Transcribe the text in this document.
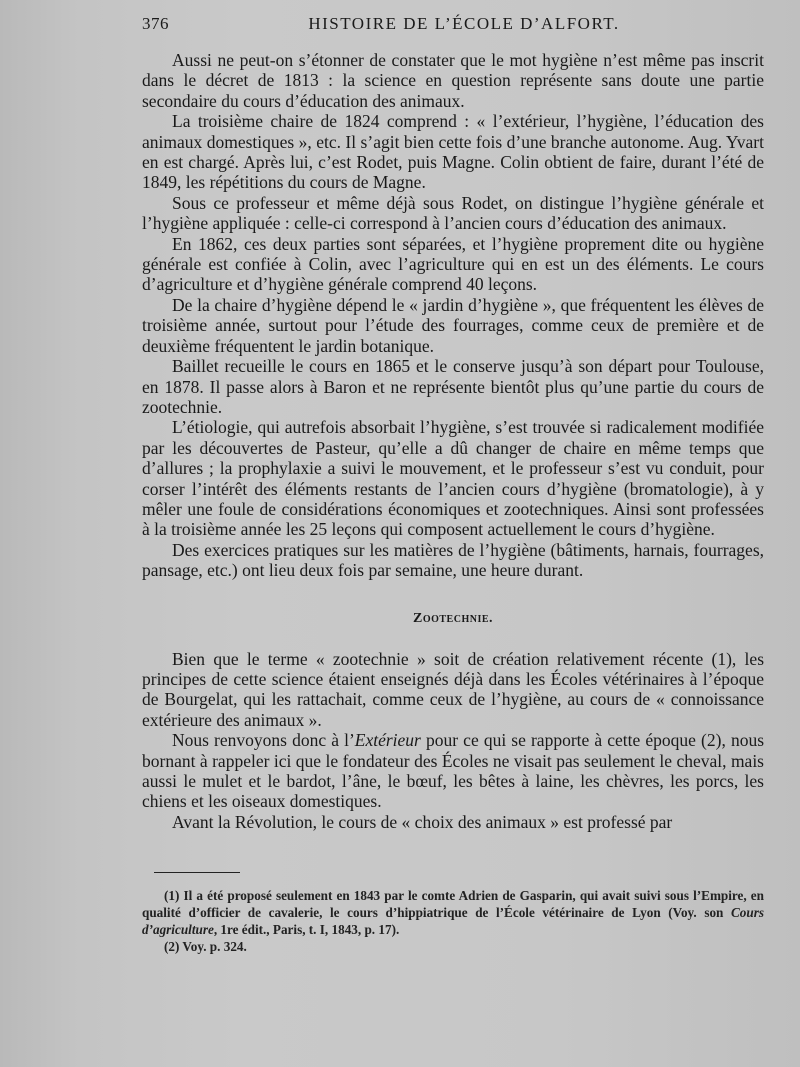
376	HISTOIRE DE L’ÉCOLE D’ALFORT.

Aussi ne peut-on s’étonner de constater que le mot hygiène n’est même pas inscrit dans le décret de 1813 : la science en question représente sans doute une partie secondaire du cours d’éducation des animaux.

La troisième chaire de 1824 comprend : « l’extérieur, l’hygiène, l’éducation des animaux domestiques », etc. Il s’agit bien cette fois d’une branche autonome. Aug. Yvart en est chargé. Après lui, c’est Rodet, puis Magne. Colin obtient de faire, durant l’été de 1849, les répétitions du cours de Magne.

Sous ce professeur et même déjà sous Rodet, on distingue l’hygiène générale et l’hygiène appliquée : celle-ci correspond à l’ancien cours d’éducation des animaux.

En 1862, ces deux parties sont séparées, et l’hygiène proprement dite ou hygiène générale est confiée à Colin, avec l’agriculture qui en est un des éléments. Le cours d’agriculture et d’hygiène générale comprend 40 leçons.

De la chaire d’hygiène dépend le « jardin d’hygiène », que fréquentent les élèves de troisième année, surtout pour l’étude des fourrages, comme ceux de première et de deuxième fréquentent le jardin botanique.

Baillet recueille le cours en 1865 et le conserve jusqu’à son départ pour Toulouse, en 1878. Il passe alors à Baron et ne représente bientôt plus qu’une partie du cours de zootechnie.

L’étiologie, qui autrefois absorbait l’hygiène, s’est trouvée si radicalement modifiée par les découvertes de Pasteur, qu’elle a dû changer de chaire en même temps que d’allures ; la prophylaxie a suivi le mouvement, et le professeur s’est vu conduit, pour corser l’intérêt des éléments restants de l’ancien cours d’hygiène (bromatologie), à y mêler une foule de considérations économiques et zootechniques. Ainsi sont professées à la troisième année les 25 leçons qui composent actuellement le cours d’hygiène.

Des exercices pratiques sur les matières de l’hygiène (bâtiments, harnais, fourrages, pansage, etc.) ont lieu deux fois par semaine, une heure durant.

Zootechnie.

Bien que le terme « zootechnie » soit de création relativement récente (1), les principes de cette science étaient enseignés déjà dans les Écoles vétérinaires à l’époque de Bourgelat, qui les rattachait, comme ceux de l’hygiène, au cours de « connoissance extérieure des animaux ».

Nous renvoyons donc à l’Extérieur pour ce qui se rapporte à cette époque (2), nous bornant à rappeler ici que le fondateur des Écoles ne visait pas seulement le cheval, mais aussi le mulet et le bardot, l’âne, le bœuf, les bêtes à laine, les chèvres, les porcs, les chiens et les oiseaux domestiques.

Avant la Révolution, le cours de « choix des animaux » est professé par

(1) Il a été proposé seulement en 1843 par le comte Adrien de Gasparin, qui avait suivi sous l’Empire, en qualité d’officier de cavalerie, le cours d’hippiatrique de l’École vétérinaire de Lyon (Voy. son Cours d’agriculture, 1re édit., Paris, t. I, 1843, p. 17).

(2) Voy. p. 324.
